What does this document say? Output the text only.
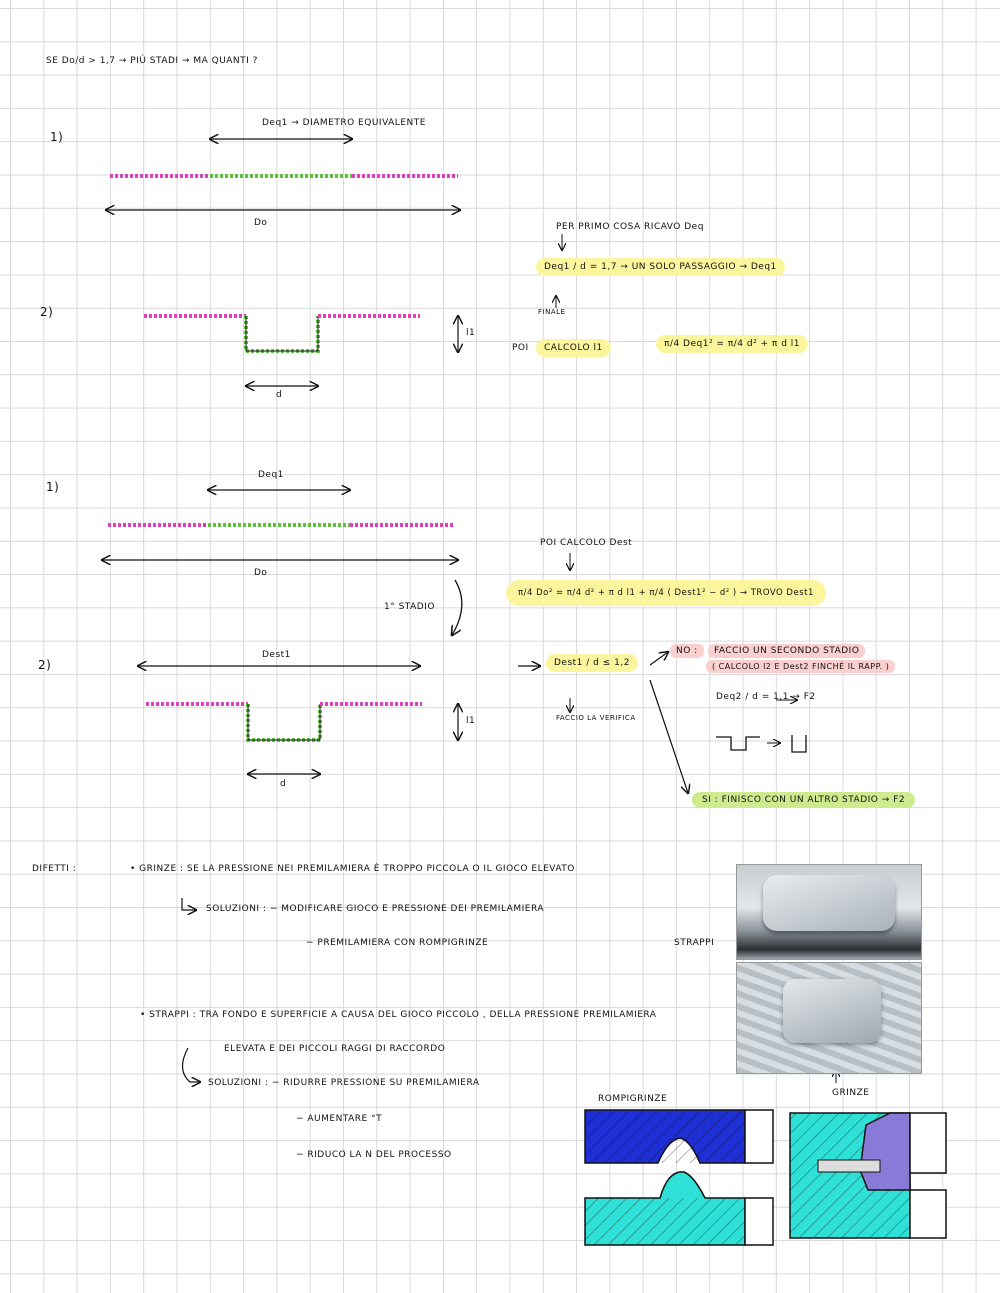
SE Do/d > 1,7 → PIÙ STADI → MA QUANTI ?
1)
Deq1 → DIAMETRO EQUIVALENTE
Do
2)
d
l1
PER PRIMO COSA RICAVO Deq
Deq1 / d = 1,7 → UN SOLO PASSAGGIO → Deq1
FINALE
POI	CALCOLO l1	π/4 Deq1² = π/4 d² + π d l1
1)
Deq1
Do
1° STADIO
2)
Dest1
d
l1
POI CALCOLO Dest
π/4 Do² = π/4 d² + π d l1 + π/4 ( Dest1² − d² ) → TROVO Dest1
Dest1 / d ≤ 1,2
FACCIO LA VERIFICA
NO :	FACCIO UN SECONDO STADIO
( CALCOLO l2 E Dest2 FINCHÉ IL RAPP. )
Deq2 / d = 1,1 → F2
SI : FINISCO CON UN ALTRO STADIO → F2
DIFETTI :	• GRINZE : SE LA PRESSIONE NEI PREMILAMIERA È TROPPO PICCOLA O IL GIOCO ELEVATO
SOLUZIONI : − MODIFICARE GIOCO E PRESSIONE DEI PREMILAMIERA
− PREMILAMIERA CON ROMPIGRINZE
• STRAPPI : TRA FONDO E SUPERFICIE A CAUSA DEL GIOCO PICCOLO , DELLA PRESSIONE PREMILAMIERA
ELEVATA E DEI PICCOLI RAGGI DI RACCORDO
SOLUZIONI : − RIDURRE PRESSIONE SU PREMILAMIERA
− AUMENTARE °T
− RIDUCO LA N DEL PROCESSO
STRAPPI
GRINZE
ROMPIGRINZE
